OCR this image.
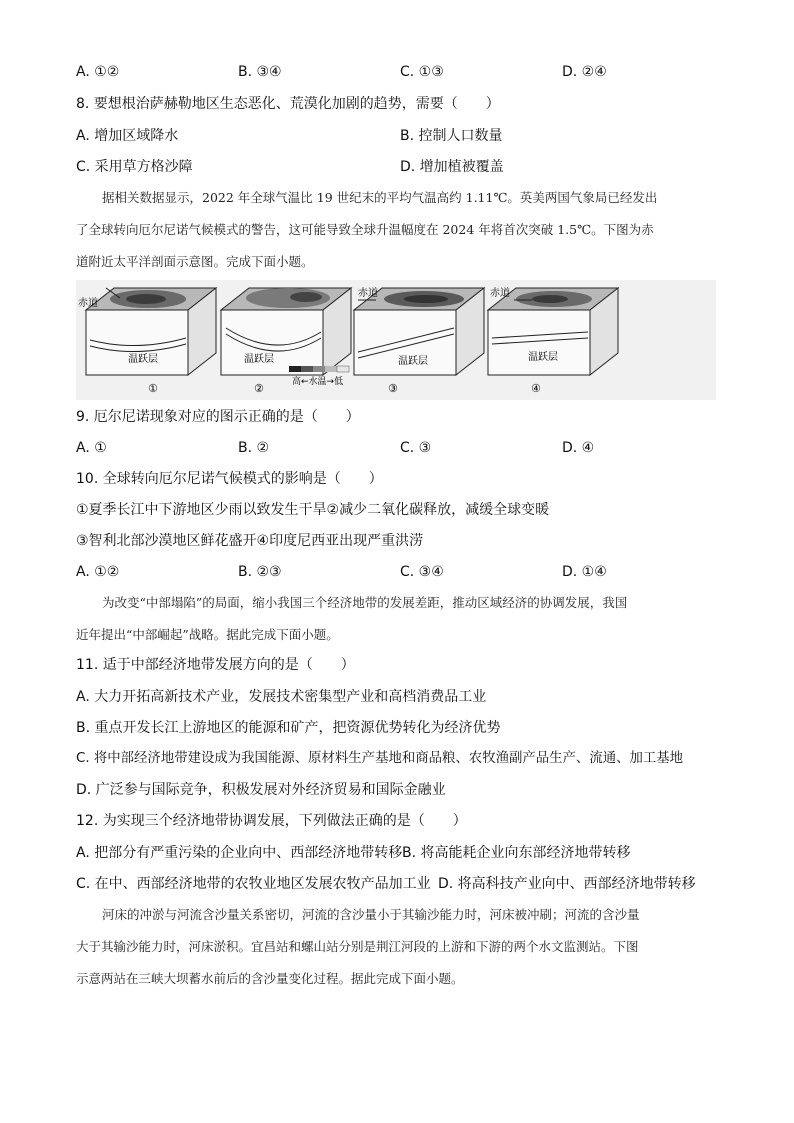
A. ①②	B. ③④	C. ①③	D. ②④
8. 要想根治萨赫勒地区生态恶化、荒漠化加剧的趋势，需要（　　）
A. 增加区域降水	B. 控制人口数量
C. 采用草方格沙障	D. 增加植被覆盖

据相关数据显示，2022 年全球气温比 19 世纪末的平均气温高约 1.11℃。英美两国气象局已经发出

了全球转向厄尔尼诺气候模式的警告，这可能导致全球升温幅度在 2024 年将首次突破 1.5℃。下图为赤

道附近太平洋剖面示意图。完成下面小题。

赤道
温跃层
①
温跃层
②
赤道
温跃层
③
赤道
温跃层
④
高←水温→低
9. 厄尔尼诺现象对应的图示正确的是（　　）
A. ①	B. ②	C. ③	D. ④
10. 全球转向厄尔尼诺气候模式的影响是（　　）
①夏季长江中下游地区少雨以致发生干旱②减少二氧化碳释放，减缓全球变暖
③智利北部沙漠地区鲜花盛开④印度尼西亚出现严重洪涝
A. ①②	B. ②③	C. ③④	D. ①④

为改变“中部塌陷”的局面，缩小我国三个经济地带的发展差距，推动区域经济的协调发展，我国

近年提出“中部崛起”战略。据此完成下面小题。

11. 适于中部经济地带发展方向的是（　　）
A. 大力开拓高新技术产业，发展技术密集型产业和高档消费品工业
B. 重点开发长江上游地区的能源和矿产，把资源优势转化为经济优势
C. 将中部经济地带建设成为我国能源、原材料生产基地和商品粮、农牧渔副产品生产、流通、加工基地
D. 广泛参与国际竞争，积极发展对外经济贸易和国际金融业
12. 为实现三个经济地带协调发展，下列做法正确的是（　　）
A. 把部分有严重污染的企业向中、西部经济地带转移 B. 将高能耗企业向东部经济地带转移
C. 在中、西部经济地带的农牧业地区发展农牧产品加工业 D. 将高科技产业向中、西部经济地带转移

河床的冲淤与河流含沙量关系密切，河流的含沙量小于其输沙能力时，河床被冲刷；河流的含沙量

大于其输沙能力时，河床淤积。宜昌站和螺山站分别是荆江河段的上游和下游的两个水文监测站。下图

示意两站在三峡大坝蓄水前后的含沙量变化过程。据此完成下面小题。
